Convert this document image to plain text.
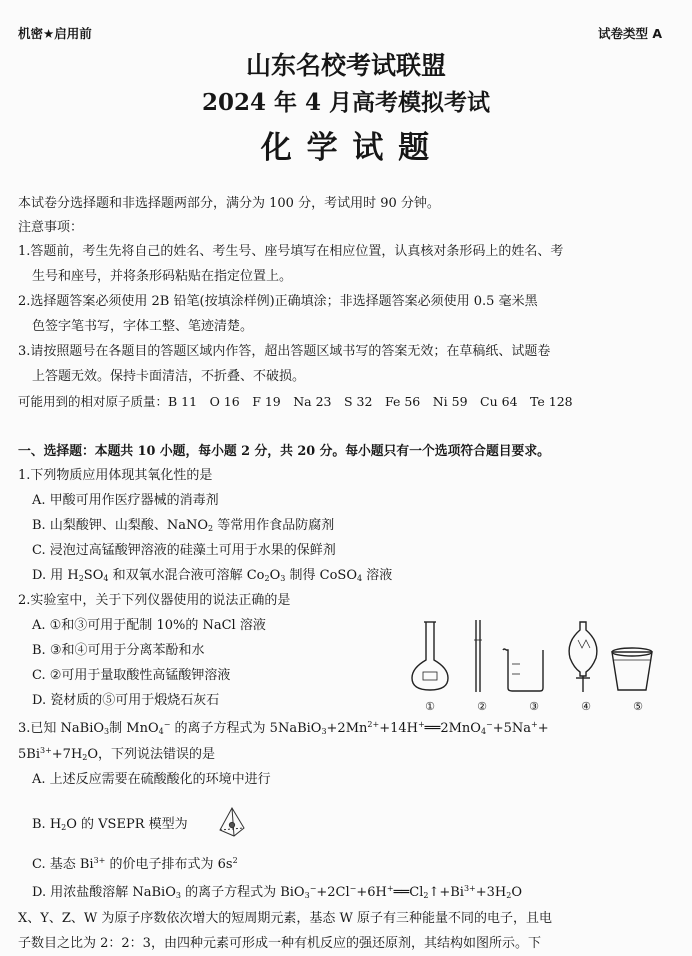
机密★启用前	试卷类型 A
山东名校考试联盟
2024 年 4 月高考模拟考试
化 学 试 题
本试卷分选择题和非选择题两部分，满分为 100 分，考试用时 90 分钟。
注意事项：
1.答题前，考生先将自己的姓名、考生号、座号填写在相应位置，认真核对条形码上的姓名、考
生号和座号，并将条形码粘贴在指定位置上。
2.选择题答案必须使用 2B 铅笔(按填涂样例)正确填涂；非选择题答案必须使用 0.5 毫米黑
色签字笔书写，字体工整、笔迹清楚。
3.请按照题号在各题目的答题区域内作答，超出答题区域书写的答案无效；在草稿纸、试题卷
上答题无效。保持卡面清洁，不折叠、不破损。
可能用到的相对原子质量：B 11　O 16　F 19　Na 23　S 32　Fe 56　Ni 59　Cu 64　Te 128
一、选择题：本题共 10 小题，每小题 2 分，共 20 分。每小题只有一个选项符合题目要求。
1.下列物质应用体现其氧化性的是
A. 甲酸可用作医疗器械的消毒剂
B. 山梨酸钾、山梨酸、NaNO$_2$ 等常用作食品防腐剂
C. 浸泡过高锰酸钾溶液的硅藻土可用于水果的保鲜剂
D. 用 $H_2SO_4$ 和双氧水混合液可溶解 $Co_2O_3$ 制得 CoSO$_4$ 溶液
2.实验室中，关于下列仪器使用的说法正确的是
A. ①和③可用于配制 10%的 NaCl 溶液
B. ③和④可用于分离苯酚和水
C. ②可用于量取酸性高锰酸钾溶液
D. 瓷材质的⑤可用于煅烧石灰石	①	②	③	④	⑤
3.已知 NaBiO$_3$制 MnO$_4$− 的离子方程式为 $5NaBiO_3+2Mn^{2+}+14H^+══2MnO_4^-+5Na^++$
$5Bi^{3+}+7H_2O$，下列说法错误的是
A. 上述反应需要在硫酸酸化的环境中进行
B. $H_2O$ 的 VSEPR 模型为
C. 基态 $Bi^{3+}$ 的价电子排布式为 $6s^2$
D. 用浓盐酸溶解 NaBiO$_3$ 的离子方程式为 $BiO_3^-+2Cl^-+6H^+══Cl_2↑+Bi^{3+}+3H_2O$
X、Y、Z、W 为原子序数依次增大的短周期元素，基态 W 原子有三种能量不同的电子，且电
子数目之比为 2：2：3，由四种元素可形成一种有机反应的强还原剂，其结构如图所示。下
